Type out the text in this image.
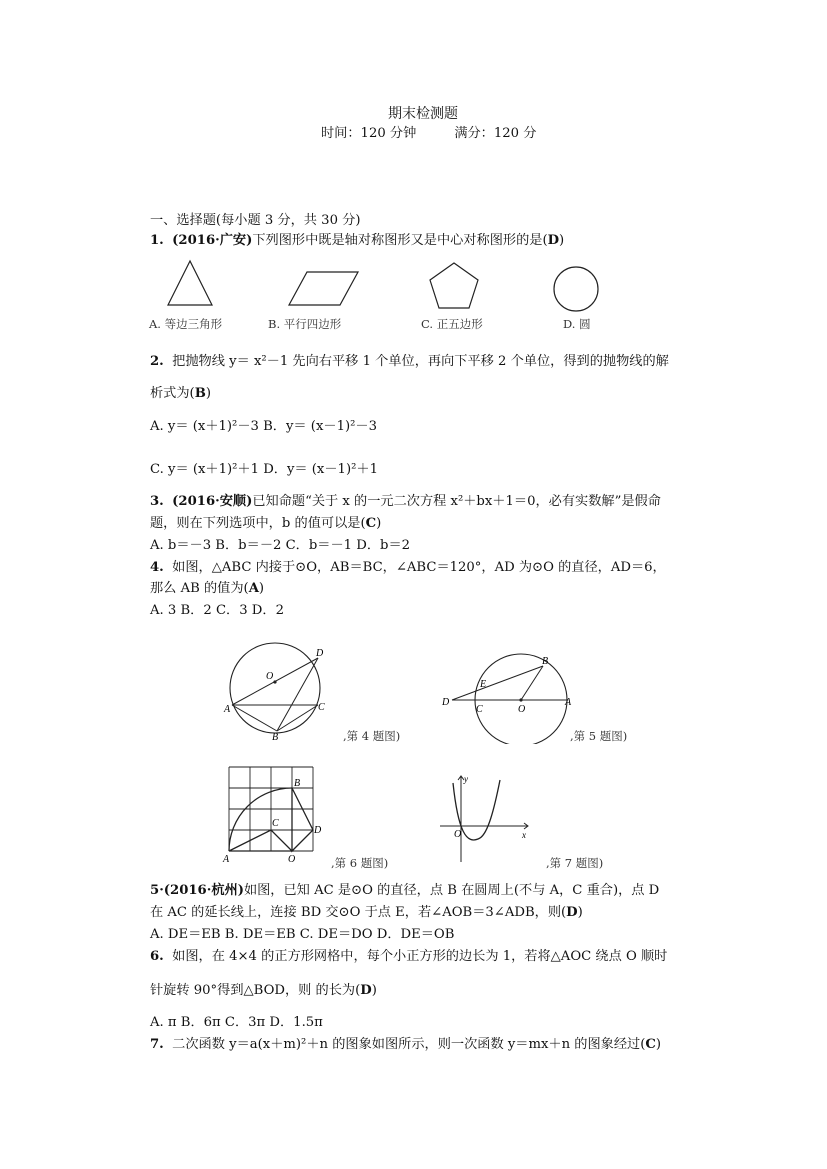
期末检测题
时间：120 分钟	满分：120 分
一、选择题(每小题 3 分，共 30 分)
1. (2016·广安)下列图形中既是轴对称图形又是中心对称图形的是(D)
A. 等边三角形	B. 平行四边形	C. 正五边形	D. 圆
2. 把抛物线 y＝ x²－1 先向右平移 1 个单位，再向下平移 2 个单位，得到的抛物线的解
析式为(B)
A. y＝ (x＋1)²－3 B．y＝ (x－1)²－3
C. y＝ (x＋1)²＋1 D．y＝ (x－1)²＋1
3. (2016·安顺)已知命题“关于 x 的一元二次方程 x²＋bx＋1＝0，必有实数解”是假命
题，则在下列选项中，b 的值可以是(C)
A. b＝－3 B．b＝－2 C．b＝－1 D．b＝2
4. 如图，△ABC 内接于⊙O，AB＝BC，∠ABC＝120°，AD 为⊙O 的直径，AD＝6，
那么 AB 的值为(A)
A. 3 B．2 C．3 D．2
O
D
A
B
C
,第 4 题图)
B
E
D
C	O
A
,第 5 题图)
B
C
D
A	O	,第 6 题图)
y
O	x
,第 7 题图)
5·(2016·杭州)如图，已知 AC 是⊙O 的直径，点 B 在圆周上(不与 A，C 重合)，点 D
在 AC 的延长线上，连接 BD 交⊙O 于点 E，若∠AOB＝3∠ADB，则(D)
A. DE＝EB B. DE＝EB C. DE＝DO D．DE＝OB
6. 如图，在 4×4 的正方形网格中，每个小正方形的边长为 1，若将△AOC 绕点 O 顺时
针旋转 90°得到△BOD，则 的长为(D)
A. π B．6π C．3π D．1.5π
7. 二次函数 y＝a(x＋m)²＋n 的图象如图所示，则一次函数 y＝mx＋n 的图象经过(C)
